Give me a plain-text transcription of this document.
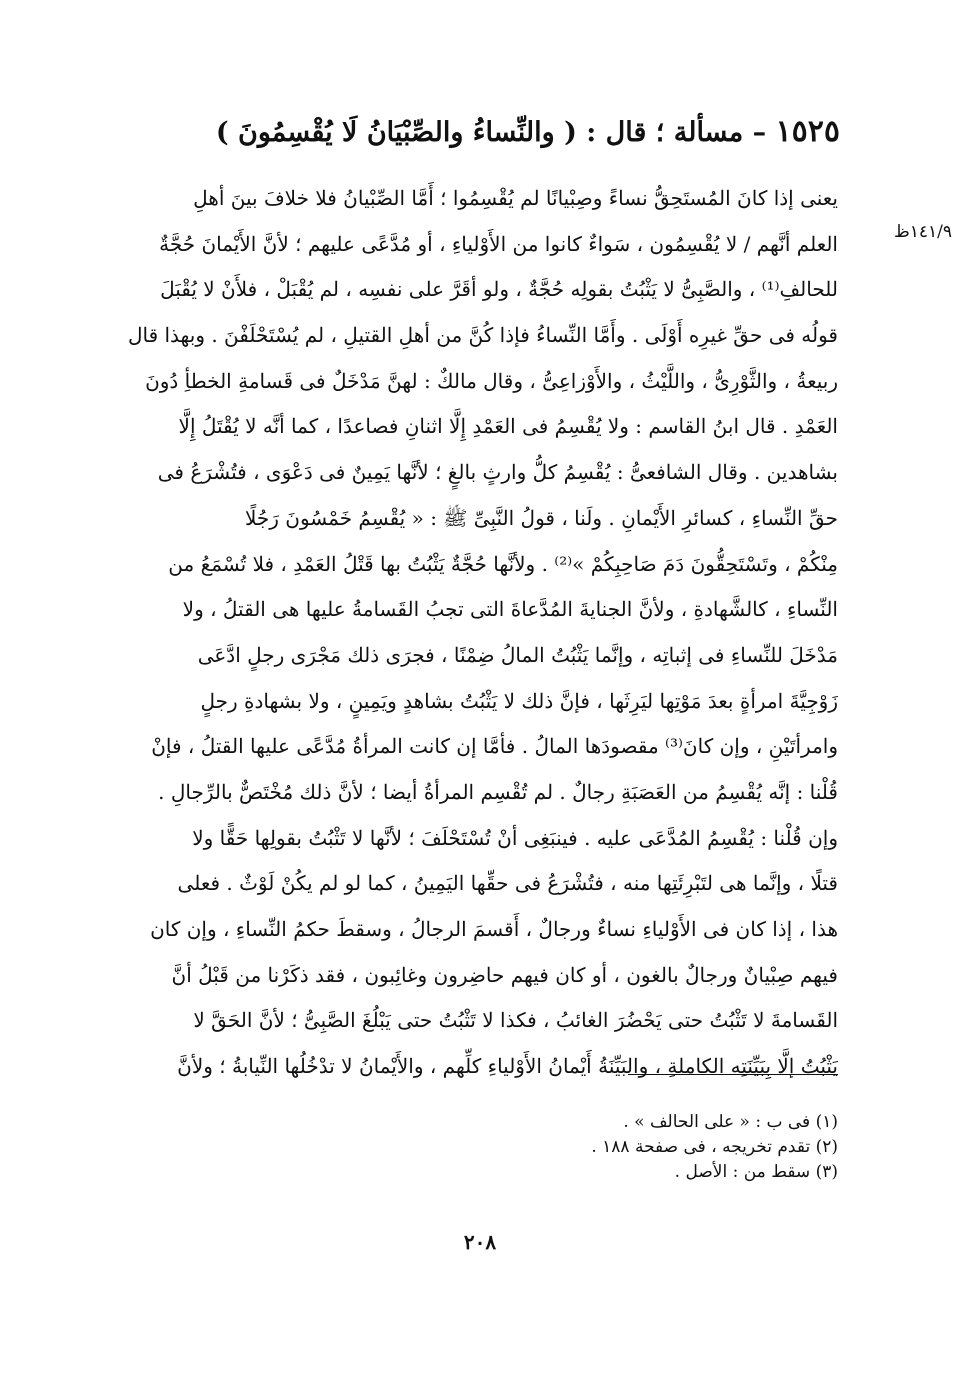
١٥٢٥ – مسألة ؛ قال : ( والنِّساءُ والصِّبْيَانُ لَا يُقْسِمُونَ )
١٤١/٩ظ
يعنى إذا كانَ المُستَحِقُّ نساءً وصِبْيانًا لم يُقْسِمُوا ؛ أَمَّا الصِّبْيانُ فلا خلافَ بينَ أهلِ
العلم أنَّهم / لا يُقْسِمُون ، سَواءٌ كانوا من الأَوْلياءِ ، أو مُدَّعًى عليهم ؛ لأنَّ الأَيْمانَ حُجَّةٌ
للحالفِ⁽¹⁾ ، والصَّبِىُّ لا يَثْبُتُ بقولِه حُجَّةٌ ، ولو أقَرَّ على نفسِه ، لم يُقْبَلْ ، فلأَنْ لا يُقْبَلَ
قولُه فى حقِّ غيرِه أَوْلَى . وأَمَّا النِّساءُ فإذا كُنَّ من أهلِ القتيلِ ، لم يُسْتَحْلَفْنَ . وبهذا قال
ربيعةُ ، والثَّوْرِىُّ ، واللَّيْثُ ، والأَوْزاعِىُّ ، وقال مالكٌ : لهنَّ مَدْخَلٌ فى قَسامةِ الخطأِ دُونَ
العَمْدِ . قال ابنُ القاسم : ولا يُقْسِمُ فى العَمْدِ إِلَّا اثنانِ فصاعدًا ، كما أنَّه لا يُقْتَلُ إِلَّا
بشاهدين . وقال الشافعىُّ : يُقْسِمُ كلُّ وارثٍ بالغٍ ؛ لأنَّها يَمِينٌ فى دَعْوَى ، فتُشْرَعُ فى
حقِّ النِّساءِ ، كسائرِ الأَيْمانِ . ولَنا ، قولُ النَّبِىِّ ﷺ : « يُقْسِمُ خَمْسُونَ رَجُلًا
مِنْكُمْ ، وتَسْتَحِقُّونَ دَمَ صَاحِبِكُمْ »⁽²⁾ . ولأنَّها حُجَّةٌ يَثْبُتُ بها قَتْلُ العَمْدِ ، فلا تُسْمَعُ من
النِّساءِ ، كالشَّهادةِ ، ولأنَّ الجنايةَ المُدَّعاةَ التى تجبُ القَسامةُ عليها هى القتلُ ، ولا
مَدْخَلَ للنِّساءِ فى إثباتِه ، وإنَّما يَثْبُتُ المالُ ضِمْنًا ، فجرَى ذلك مَجْرَى رجلٍ ادَّعَى
زَوْجِيَّةَ امرأةٍ بعدَ مَوْتِها ليَرِثَها ، فإنَّ ذلك لا يَثْبُتُ بشاهدٍ ويَمِينٍ ، ولا بشهادةِ رجلٍ
وامرأتَيْنِ ، وإن كانَ⁽³⁾ مقصودَها المالُ . فأمَّا إن كانت المرأةُ مُدَّعًى عليها القتلُ ، فإنْ
قُلْنا : إنَّه يُقْسِمُ من العَصَبَةِ رجالٌ . لم تُقْسِم المرأةُ أيضا ؛ لأنَّ ذلك مُخْتَصٌّ بالرِّجالِ .
وإن قُلْنا : يُقْسِمُ المُدَّعَى عليه . فينبَغِى أنْ تُسْتَحْلَفَ ؛ لأنَّها لا تَثْبُتُ بقولِها حَقًّا ولا
قتلًا ، وإنَّما هى لتَبْرِئَتِها منه ، فتُشْرَعُ فى حقِّها اليَمِينُ ، كما لو لم يكُنْ لَوْثٌ . فعلى
هذا ، إذا كان فى الأَوْلياءِ نساءٌ ورجالٌ ، أَقسمَ الرجالُ ، وسقطَ حكمُ النِّساءِ ، وإن كان
فيهم صِبْيانٌ ورجالٌ بالغون ، أو كان فيهم حاضِرون وغائِبون ، فقد ذكَرْنا من قَبْلُ أنَّ
القَسامةَ لا تَثْبُتُ حتى يَحْضُرَ الغائبُ ، فكذا لا تَثْبُتُ حتى يَبْلُغَ الصَّبِىُّ ؛ لأنَّ الحَقَّ لا
يَثْبُتُ إلَّا بِبَيِّنَتِه الكاملةِ ، والبَيِّنَةُ أَيْمانُ الأَوْلياءِ كلِّهم ، والأَيْمانُ لا تدْخُلُها النِّيابةُ ؛ ولأنَّ
(١) فى ب : « على الحالف » .
(٢) تقدم تخريجه ، فى صفحة ١٨٨ .
(٣) سقط من : الأصل .
٢٠٨
